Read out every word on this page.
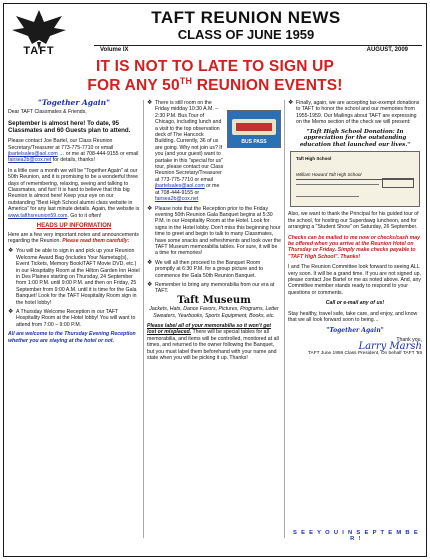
TAFT
TAFT REUNION NEWS
CLASS OF JUNE 1959
Volume IX	AUGUST, 2009
IT IS NOT TO LATE TO SIGN UP
FOR ANY 50TH REUNION EVENTS!
"Together Again"

Dear TAFT Classmates & Friends,

September is almost here! To date, 95 Classmates and 60 Guests plan to attend.

Please contact Joe Bartel, our Class Reunion Secretary/Treasurer at 773-775-7710 or email jbartelsales@aol.com … or me at 708-444-9155 or email fairsea2b@cox.net for details, thanks!

In a little over a month we will be "Together Again" at our 50th Reunion, and it is promising to be a wonderful three days of remembering, relaxing, seeing and talking to Classmates, and fun! It is hard to believe that this big Reunion is almost here! Keep your eye on our outstanding "Best High School alumni class website in America" for any last minute details. Again, the website is www.tafthsreunion59.com. Go to it often!

HEADS UP INFORMATION

Here are a few very important notes and announcements regarding the Reunion. Please read them carefully:

❖ You will be able to sign in and pick up your Reunion Welcome Award Bag (includes Your Nametag(s), Event Tickets, Memory Book/TAFT Movie DVD, etc.) in our Hospitality Room at the Hilton Garden Inn Hotel in Des Plaines starting on Thursday, 24 September from 1:00 P.M. until 9:00 P.M. and then on Friday, 25 September from 9:00 A.M. until it is time for the Gala Banquet! Look for the TAFT Hospitality Room sign in the hotel lobby!
❖ A Thursday Welcome Reception in our TAFT Hospitality Room at the Hotel lobby! You will want to attend from 7:00 – 9:00 P.M.

All are welcome to the Thursday Evening Reception whether you are staying at the hotel or not.

BUS PASS
❖ There is still room on the Friday midday 10:30 A.M. – 2:30 P.M. Bus Tour of Chicago, including lunch and a visit to the top observation deck of The Hancock Building. Currently, 36 of us are going. Why not join us? If you (and your guest) want to partake in this "special for us" tour, please contact our Class Reunion Secretary/Treasurer at 773-775-7710 or email jbartelsales@aol.com or me at 708-444-9155 or fairsea2b@cox.net
❖ Please note that the Reception prior to the Friday evening 50th Reunion Gala Banquet begins at 5:30 P.M. in our Hospitality Room at the Hotel. Look for signs in the Hotel lobby. Don't miss this beginning hour time to greet and begin to talk to many Classmates, have some snacks and refreshments and look over the TAFT Museum memorabilia tables. For sure, it will be a time for memories!
❖ We will all then proceed to the Banquet Room promptly at 6:30 P.M. for a group picture and to commence the Gala 50th Reunion Banquet.
❖ Remember to bring any memorabilia from our era at TAFT.
Taft Museum

Jackets, Hats, Dance Favors, Pictures, Programs, Letter Sweaters, Yearbooks, Sports Equipment, Books, etc.

Please label all of your memorabilia so it won't get lost or misplaced. There will be special tables for all memorabilia, and items will be controlled, monitored at all times, and returned to the owner following the Banquet, but you must label them beforehand with your name and state when you will be picking it up. Thanks!

❖ Finally, again, we are accepting tax-exempt donations to TAFT to honor the school and our memories from 1955-1959. Our Mailings about TAFT are expressing on the Memo section of the check we will present:

"Taft High School Donation: In appreciation for the outstanding education that launched our lives."

Taft High School
William Howard Taft High School

Also, we want to thank the Principal for his guided tour of the school, for hosting our Superdawg luncheon, and for arranging a "Student Show" on Saturday, 26 September.

Checks can be mailed to me now or checks/cash may be offered when you arrive at the Reunion Hotel on Thursday or Friday. Simply make checks payable to "TAFT High School". Thanks!

I and The Reunion Committee look forward to seeing ALL very soon. It will be a grand time. If you are not signed up, please contact Joe Bartel or me as noted above. And, any Committee member stands ready to respond to your questions or comments.

Call or e-mail any of us!

Stay healthy, travel safe, take care, and enjoy, and know that we all look forward soon to being…

"Together Again"

Thank you,

Larry Marsh

TAFT June 1959 Class President, On behalf TAFT '59

S E E Y O U I N S E P T E M B E R !
